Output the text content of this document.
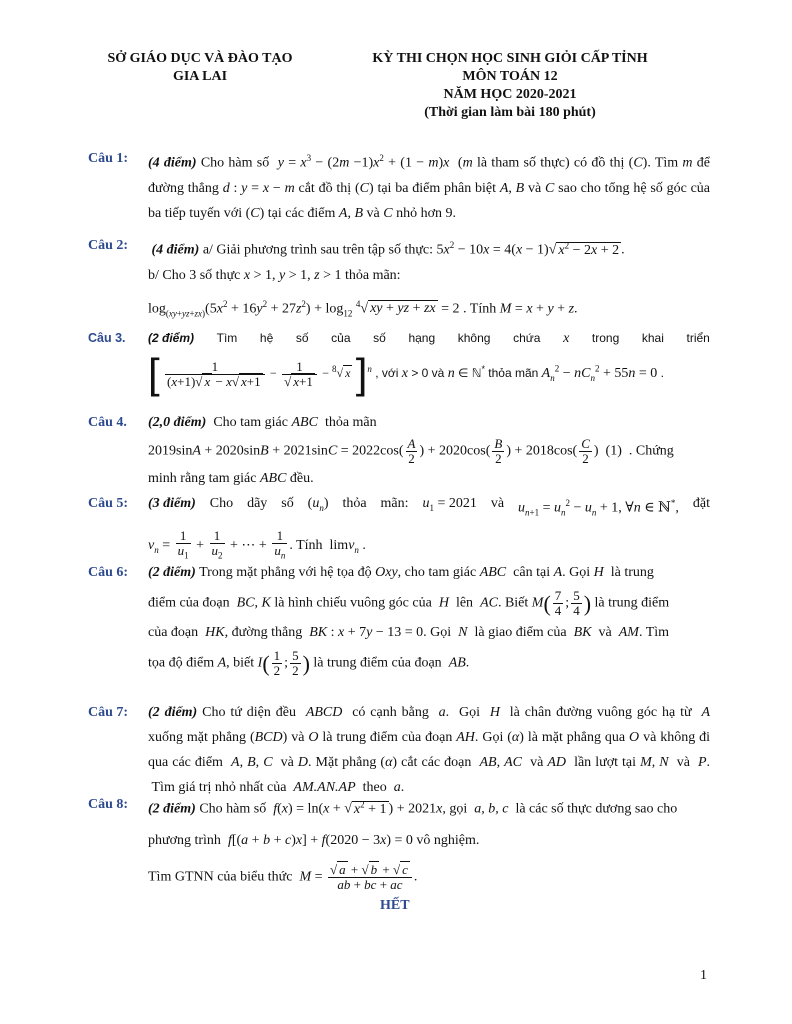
SỞ GIÁO DỤC VÀ ĐÀO TẠO
GIA LAI
KỲ THI CHỌN HỌC SINH GIỎI CẤP TỈNH
MÔN TOÁN 12
NĂM HỌC 2020-2021
(Thời gian làm bài 180 phút)
Câu 1: (4 điểm) Cho hàm số  $y = x^3 - (2m -1)x^2 + (1 - m)x$  (m là tham số thực) có đồ thị (C). Tìm m để đường thẳng d : y = x − m cắt đồ thị (C) tại ba điểm phân biệt A, B và C sao cho tổng hệ số góc của ba tiếp tuyến với (C) tại các điểm A, B và C nhỏ hơn 9.
Câu 2: (4 điểm) a/ Giải phương trình sau trên tập số thực: $5x^2 - 10x = 4(x - 1)√$ $x^2 - 2x + 2$ .
b/ Cho 3 số thực x > 1, y > 1, z > 1 thỏa mãn:
$\log_{(xy+yz+zx)}(5x^2 + 16y^2 + 27z^2) + \log_{12} ^4√$ xy + yz + zx = 2 . Tính M = x + y + z.
Câu 3. (2 điểm) Tìm hệ số của số hạng không chứa x trong khai triển
[ $\frac{1}{(x+1)√ x - x√ x+1} - \frac{1}{√ x+1} - ^8√$ x ]$^n$ , với x > 0 và n ∈ ℕ* thỏa mãn $A_n^2 - nC_n^2 + 55n = 0$ .
Câu 4. (2,0 điểm)  Cho tam giác ABC  thỏa mãn
$2019\sin A + 2020\sin B + 2021\sin C = 2022\cos( \frac{A}{2}$ ) + $2020\cos( \frac{B}{2}$ ) + $2018\cos( \frac{C}{2}$ )  (1)  . Chứng
minh rằng tam giác ABC đều.
Câu 5: (3 điểm) Cho dãy số $(u_n)$ thỏa mãn: $u_1 = 2021$ và $u_{n+1} = u_n^2 - u_n + 1$, ∀n ∈ ℕ*, đặt
$v_n = \frac{1}{u_1} + \frac{1}{u_2}$ + ⋯ + $\frac{1}{u_n}$ . Tính  limv$_n$ .
Câu 6: (2 điểm) Trong mặt phẳng với hệ tọa độ Oxy, cho tam giác ABC  cân tại A. Gọi H  là trung
điểm của đoạn  BC, K là hình chiếu vuông góc của  H  lên  AC. Biết $M( \frac{7}{4}$ ; $\frac{5}{4}$ ) là trung điểm
của đoạn  HK, đường thẳng  BK : x + 7y − 13 = 0. Gọi  N  là giao điểm của  BK  và  AM. Tìm
tọa độ điểm A, biết $I( \frac{1}{2}$ ; $\frac{5}{2}$ ) là trung điểm của đoạn  AB.
Câu 7: (2 điểm) Cho tứ diện đều  ABCD  có cạnh bằng  a.  Gọi  H  là chân đường vuông góc hạ từ  A xuống mặt phẳng (BCD) và O là trung điểm của đoạn AH. Gọi (α) là mặt phẳng qua O và không đi qua các điểm  A, B, C  và D. Mặt phẳng (α) cắt các đoạn  AB, AC  và AD  lần lượt tại M, N  và  P.  Tìm giá trị nhỏ nhất của  AM.AN.AP  theo  a.
Câu 8: (2 điểm) Cho hàm số  f(x) = ln(x + √ $x^2 + 1$ ) + 2021x, gọi  a, b, c  là các số thực dương sao cho
phương trình  f[(a + b + c)x] + f(2020 − 3x) = 0 vô nghiệm.
Tìm GTNN của biểu thức  $M = \frac{√ a + √ b + √ c}{ab + bc + ac}$ .
HẾT
1
